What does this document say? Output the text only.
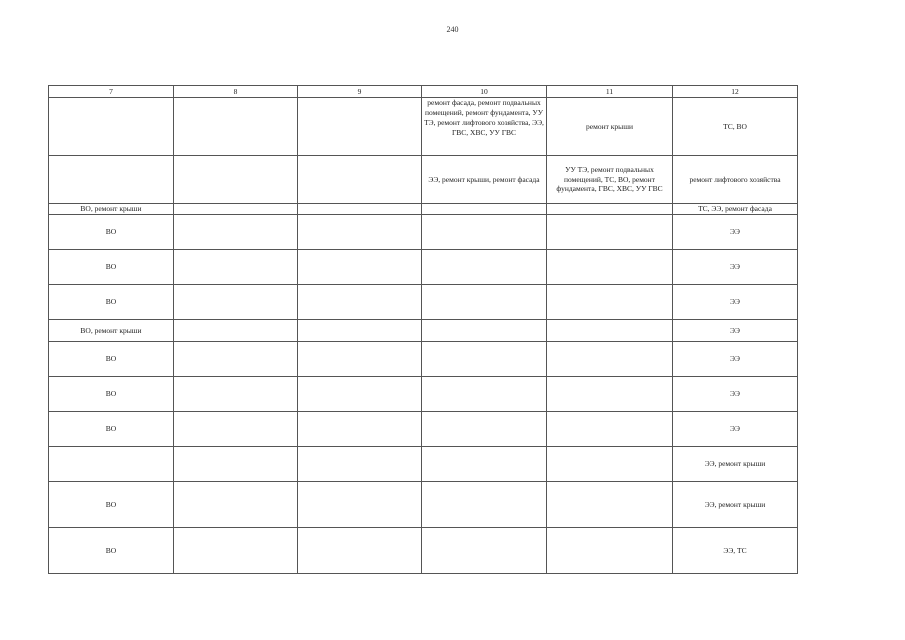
240
7	8	9	10	11	12
			ремонт фасада, ремонт подвальных помещений, ремонт фундамента, УУ ТЭ, ремонт лифтового хозяйства, ЭЭ, ГВС, ХВС, УУ ГВС	ремонт крыши	ТС, ВО
			ЭЭ, ремонт крыши, ремонт фасада	УУ ТЭ, ремонт подвальных помещений, ТС, ВО, ремонт фундамента, ГВС, ХВС, УУ ГВС	ремонт лифтового хозяйства
ВО, ремонт крыши					ТС, ЭЭ, ремонт фасада
ВО					ЭЭ
ВО					ЭЭ
ВО					ЭЭ
ВО, ремонт крыши					ЭЭ
ВО					ЭЭ
ВО					ЭЭ
ВО					ЭЭ
					ЭЭ, ремонт крыши
ВО					ЭЭ, ремонт крыши
ВО					ЭЭ, ТС
